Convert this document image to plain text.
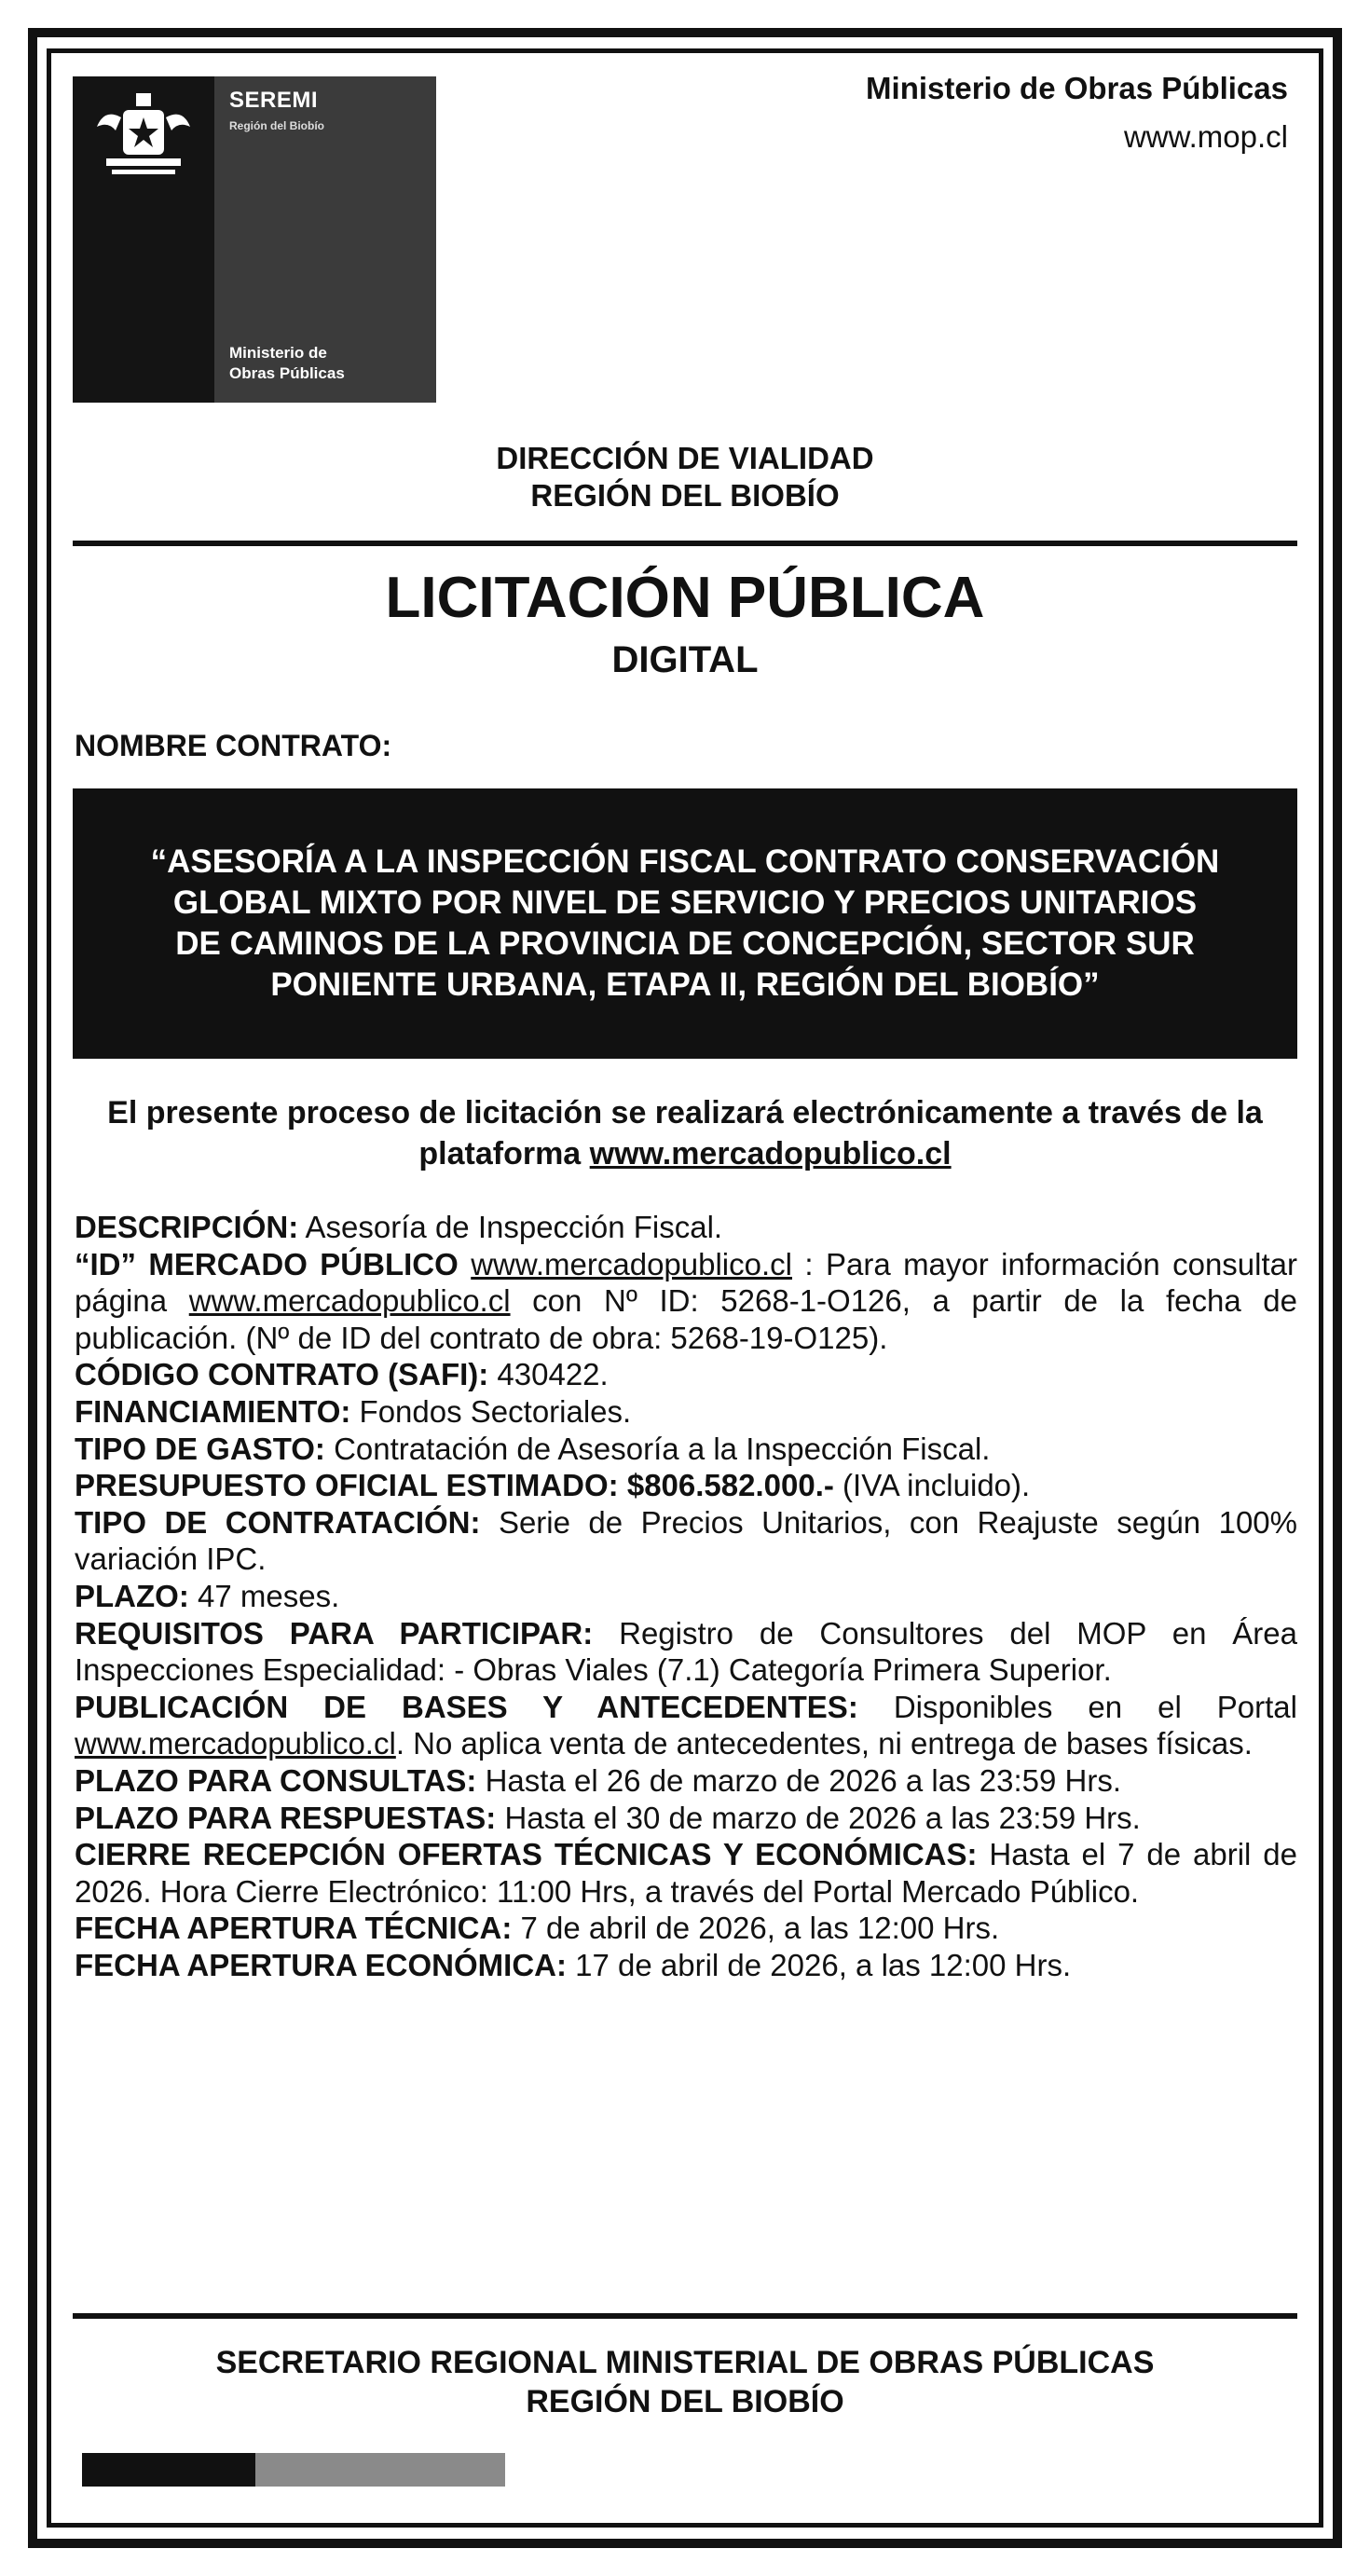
SEREMI
Región del Biobío
Ministerio de
Obras Públicas
Ministerio de Obras Públicas
www.mop.cl
DIRECCIÓN DE VIALIDAD
REGIÓN DEL BIOBÍO
LICITACIÓN PÚBLICA
DIGITAL
NOMBRE CONTRATO:
“ASESORÍA A LA INSPECCIÓN FISCAL CONTRATO CONSERVACIÓN GLOBAL MIXTO POR NIVEL DE SERVICIO Y PRECIOS UNITARIOS DE CAMINOS DE LA PROVINCIA DE CONCEPCIÓN, SECTOR SUR PONIENTE URBANA, ETAPA II, REGIÓN DEL BIOBÍO”
El presente proceso de licitación se realizará electrónicamente a través de la plataforma www.mercadopublico.cl

DESCRIPCIÓN: Asesoría de Inspección Fiscal.

“ID” MERCADO PÚBLICO www.mercadopublico.cl : Para mayor información consultar página www.mercadopublico.cl con Nº ID: 5268-1-O126, a partir de la fecha de publicación. (Nº de ID del contrato de obra: 5268-19-O125).

CÓDIGO CONTRATO (SAFI): 430422.

FINANCIAMIENTO: Fondos Sectoriales.

TIPO DE GASTO: Contratación de Asesoría a la Inspección Fiscal.

PRESUPUESTO OFICIAL ESTIMADO: $806.582.000.- (IVA incluido).

TIPO DE CONTRATACIÓN: Serie de Precios Unitarios, con Reajuste según 100% variación IPC.

PLAZO: 47 meses.

REQUISITOS PARA PARTICIPAR: Registro de Consultores del MOP en Área Inspecciones Especialidad: - Obras Viales (7.1) Categoría Primera Superior.

PUBLICACIÓN DE BASES Y ANTECEDENTES: Disponibles en el Portal www.mercadopublico.cl. No aplica venta de antecedentes, ni entrega de bases físicas.

PLAZO PARA CONSULTAS: Hasta el 26 de marzo de 2026 a las 23:59 Hrs.

PLAZO PARA RESPUESTAS: Hasta el 30 de marzo de 2026 a las 23:59 Hrs.

CIERRE RECEPCIÓN OFERTAS TÉCNICAS Y ECONÓMICAS: Hasta el 7 de abril de 2026. Hora Cierre Electrónico: 11:00 Hrs, a través del Portal Mercado Público.

FECHA APERTURA TÉCNICA: 7 de abril de 2026, a las 12:00 Hrs.

FECHA APERTURA ECONÓMICA: 17 de abril de 2026, a las 12:00 Hrs.

SECRETARIO REGIONAL MINISTERIAL DE OBRAS PÚBLICAS
REGIÓN DEL BIOBÍO
